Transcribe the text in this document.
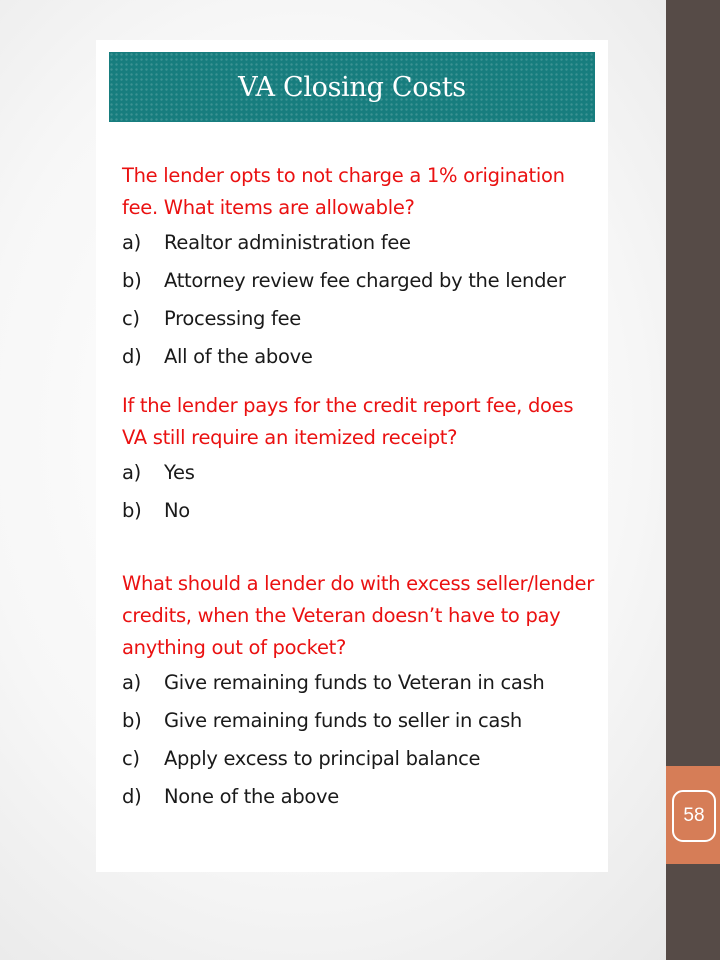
58
VA Closing Costs

The lender opts to not charge a 1% origination fee. What items are allowable?

a)	Realtor administration fee
b)	Attorney review fee charged by the lender
c)	Processing fee
d)	All of the above

If the lender pays for the credit report fee, does VA still require an itemized receipt?

a)	Yes
b)	No

What should a lender do with excess seller/lender credits, when the Veteran doesn’t have to pay anything out of pocket?

a)	Give remaining funds to Veteran in cash
b)	Give remaining funds to seller in cash
c)	Apply excess to principal balance
d)	None of the above
